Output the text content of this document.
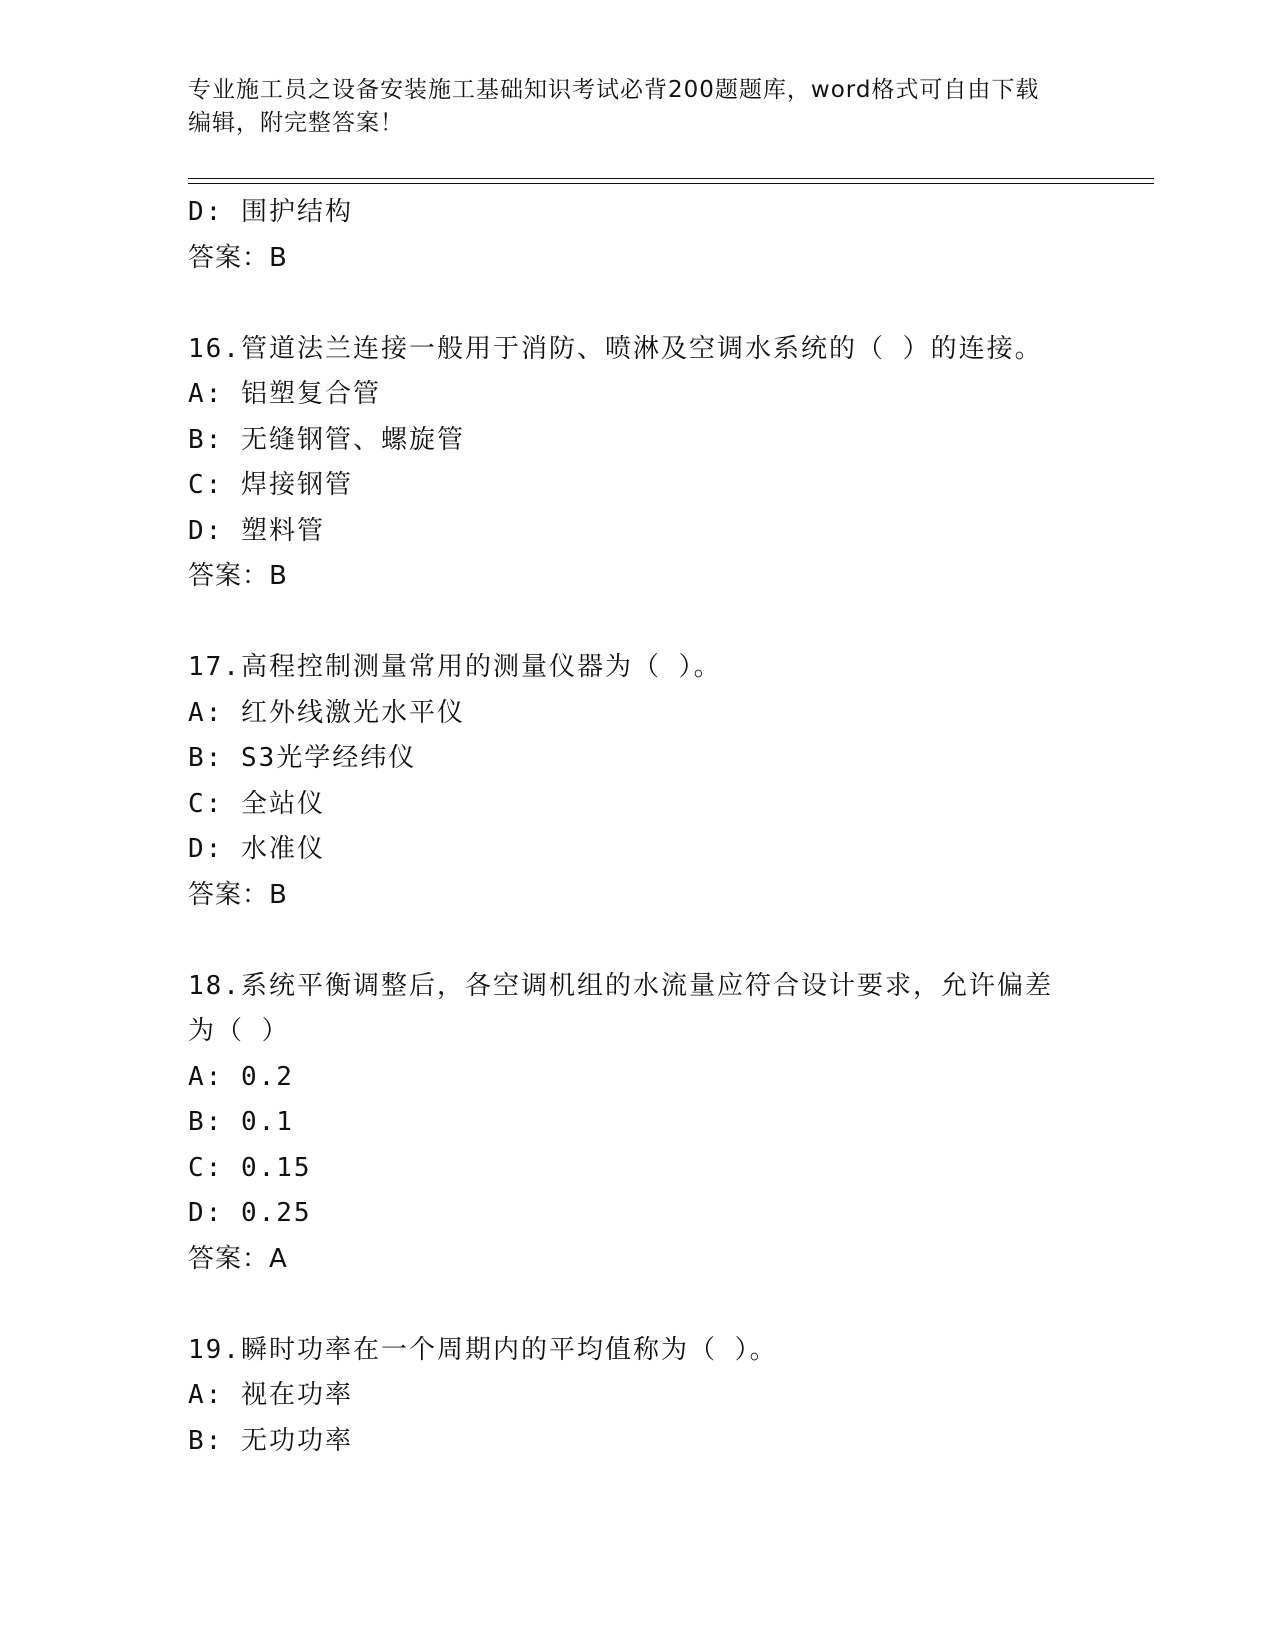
专业施工员之设备安装施工基础知识考试必背200题题库，word格式可自由下载
编辑，附完整答案！
D: 围护结构
答案：B
16.管道法兰连接一般用于消防、喷淋及空调水系统的（ ）的连接。
A: 铝塑复合管
B: 无缝钢管、螺旋管
C: 焊接钢管
D: 塑料管
答案：B
17.高程控制测量常用的测量仪器为（ ）。
A: 红外线激光水平仪
B: S3光学经纬仪
C: 全站仪
D: 水准仪
答案：B
18.系统平衡调整后，各空调机组的水流量应符合设计要求，允许偏差为（ ）
A: 0.2
B: 0.1
C: 0.15
D: 0.25
答案：A
19.瞬时功率在一个周期内的平均值称为（ ）。
A: 视在功率
B: 无功功率
